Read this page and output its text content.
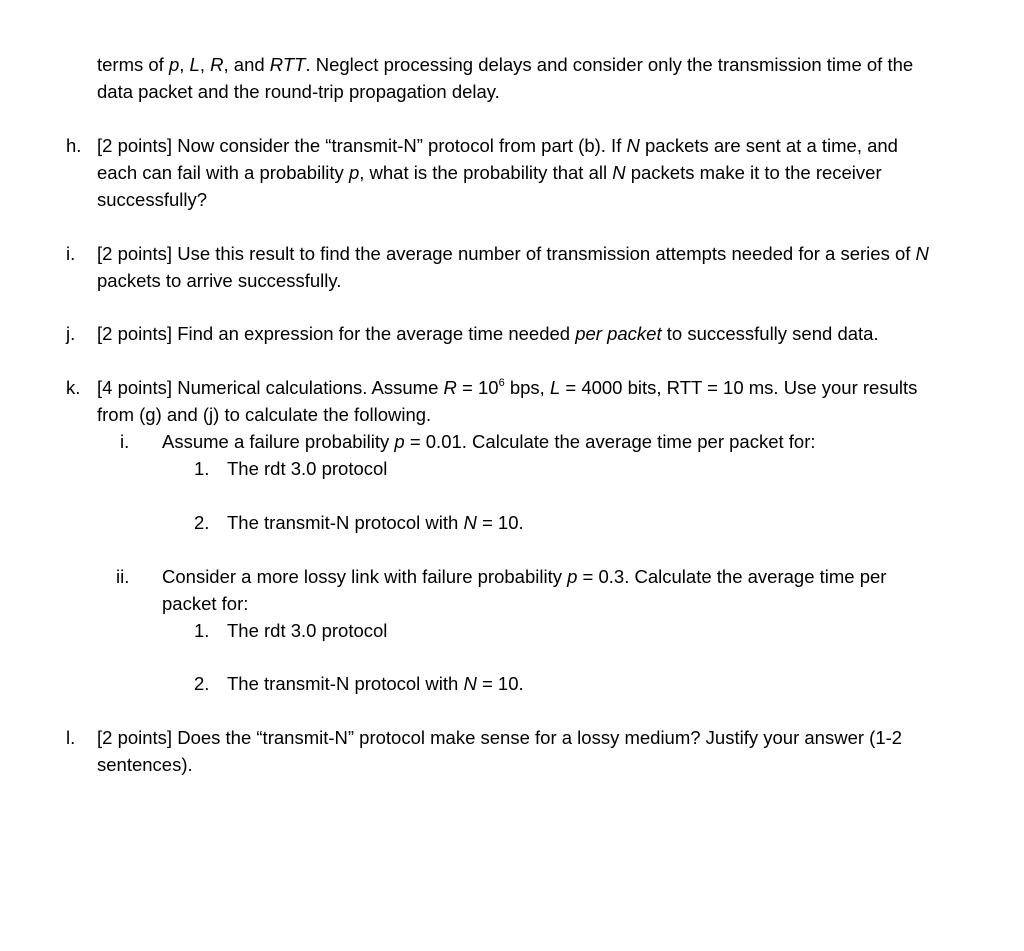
terms of p, L, R, and RTT. Neglect processing delays and consider only the transmission time of the
data packet and the round-trip propagation delay.
h. [2 points] Now consider the “transmit-N” protocol from part (b). If N packets are sent at a time, and
each can fail with a probability p, what is the probability that all N packets make it to the receiver
successfully?
i. [2 points] Use this result to find the average number of transmission attempts needed for a series of N
packets to arrive successfully.
j. [2 points] Find an expression for the average time needed per packet to successfully send data.
k. [4 points] Numerical calculations. Assume $R = 10^6$ bps, L = 4000 bits, RTT = 10 ms. Use your results
from (g) and (j) to calculate the following.
i. Assume a failure probability p = 0.01. Calculate the average time per packet for:
1. The rdt 3.0 protocol
2. The transmit-N protocol with N = 10.
ii. Consider a more lossy link with failure probability p = 0.3. Calculate the average time per
packet for:
1. The rdt 3.0 protocol
2. The transmit-N protocol with N = 10.
l. [2 points] Does the “transmit-N” protocol make sense for a lossy medium? Justify your answer (1-2
sentences).
